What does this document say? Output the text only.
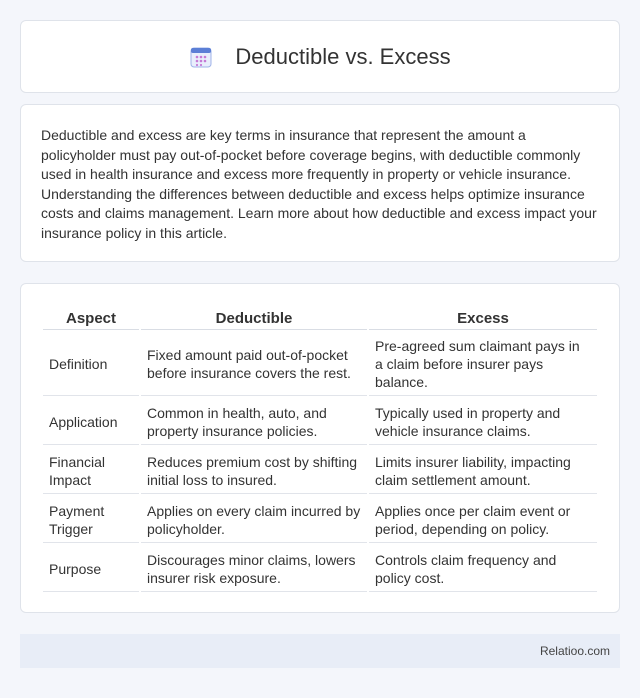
Deductible vs. Excess

Deductible and excess are key terms in insurance that represent the amount a policyholder must pay out-of-pocket before coverage begins, with deductible commonly used in health insurance and excess more frequently in property or vehicle insurance. Understanding the differences between deductible and excess helps optimize insurance costs and claims management. Learn more about how deductible and excess impact your insurance policy in this article.

Aspect	Deductible	Excess
Definition	Fixed amount paid out-of-pocket before insurance covers the rest.	Pre-agreed sum claimant pays in a claim before insurer pays balance.
Application	Common in health, auto, and property insurance policies.	Typically used in property and vehicle insurance claims.
Financial Impact	Reduces premium cost by shifting initial loss to insured.	Limits insurer liability, impacting claim settlement amount.
Payment Trigger	Applies on every claim incurred by policyholder.	Applies once per claim event or period, depending on policy.
Purpose	Discourages minor claims, lowers insurer risk exposure.	Controls claim frequency and policy cost.
Relatioo.com
